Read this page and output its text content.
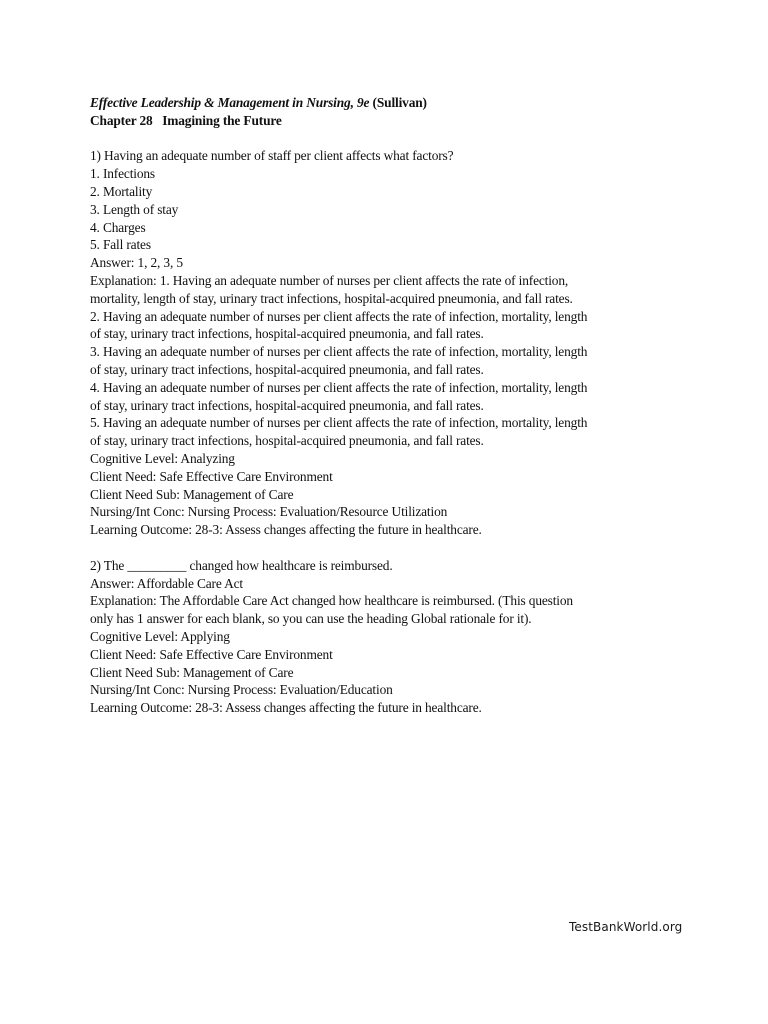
Effective Leadership & Management in Nursing, 9e (Sullivan)
Chapter 28   Imagining the Future
1) Having an adequate number of staff per client affects what factors?
1. Infections
2. Mortality
3. Length of stay
4. Charges
5. Fall rates
Answer: 1, 2, 3, 5
Explanation: 1. Having an adequate number of nurses per client affects the rate of infection,
mortality, length of stay, urinary tract infections, hospital-acquired pneumonia, and fall rates.
2. Having an adequate number of nurses per client affects the rate of infection, mortality, length
of stay, urinary tract infections, hospital-acquired pneumonia, and fall rates.
3. Having an adequate number of nurses per client affects the rate of infection, mortality, length
of stay, urinary tract infections, hospital-acquired pneumonia, and fall rates.
4. Having an adequate number of nurses per client affects the rate of infection, mortality, length
of stay, urinary tract infections, hospital-acquired pneumonia, and fall rates.
5. Having an adequate number of nurses per client affects the rate of infection, mortality, length
of stay, urinary tract infections, hospital-acquired pneumonia, and fall rates.
Cognitive Level: Analyzing
Client Need: Safe Effective Care Environment
Client Need Sub: Management of Care
Nursing/Int Conc: Nursing Process: Evaluation/Resource Utilization
Learning Outcome: 28-3: Assess changes affecting the future in healthcare.
2) The _________ changed how healthcare is reimbursed.
Answer: Affordable Care Act
Explanation: The Affordable Care Act changed how healthcare is reimbursed. (This question
only has 1 answer for each blank, so you can use the heading Global rationale for it).
Cognitive Level: Applying
Client Need: Safe Effective Care Environment
Client Need Sub: Management of Care
Nursing/Int Conc: Nursing Process: Evaluation/Education
Learning Outcome: 28-3: Assess changes affecting the future in healthcare.
TestBankWorld.org
